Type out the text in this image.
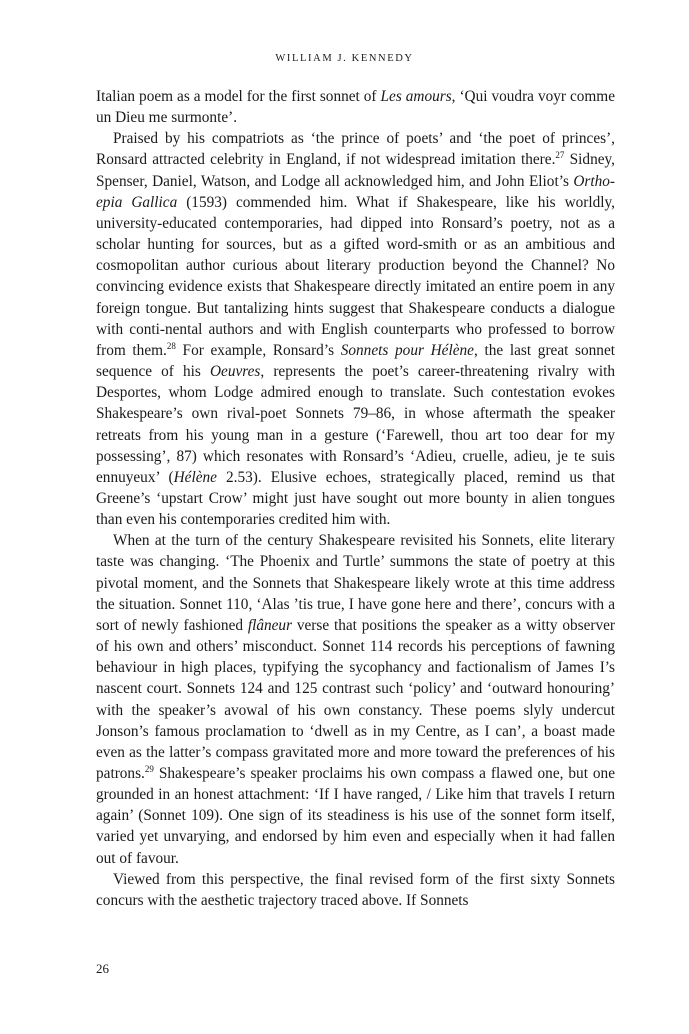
WILLIAM J. KENNEDY

Italian poem as a model for the first sonnet of Les amours, ‘Qui voudra voyr comme un Dieu me surmonte’.

Praised by his compatriots as ‘the prince of poets’ and ‘the poet of princes’, Ronsard attracted celebrity in England, if not widespread imitation there.$^{27}$ Sidney, Spenser, Daniel, Watson, and Lodge all acknowledged him, and John Eliot’s Ortho-epia Gallica (1593) commended him. What if Shakespeare, like his worldly, university-educated contemporaries, had dipped into Ronsard’s poetry, not as a scholar hunting for sources, but as a gifted word-smith or as an ambitious and cosmopolitan author curious about literary production beyond the Channel? No convincing evidence exists that Shakespeare directly imitated an entire poem in any foreign tongue. But tantalizing hints suggest that Shakespeare conducts a dialogue with conti-nental authors and with English counterparts who professed to borrow from them.$^{28}$ For example, Ronsard’s Sonnets pour Hélène, the last great sonnet sequence of his Oeuvres, represents the poet’s career-threatening rivalry with Desportes, whom Lodge admired enough to translate. Such contestation evokes Shakespeare’s own rival-poet Sonnets 79–86, in whose aftermath the speaker retreats from his young man in a gesture (‘Farewell, thou art too dear for my possessing’, 87) which resonates with Ronsard’s ‘Adieu, cruelle, adieu, je te suis ennuyeux’ (Hélène 2.53). Elusive echoes, strategically placed, remind us that Greene’s ‘upstart Crow’ might just have sought out more bounty in alien tongues than even his contemporaries credited him with.

When at the turn of the century Shakespeare revisited his Sonnets, elite literary taste was changing. ‘The Phoenix and Turtle’ summons the state of poetry at this pivotal moment, and the Sonnets that Shakespeare likely wrote at this time address the situation. Sonnet 110, ‘Alas ’tis true, I have gone here and there’, concurs with a sort of newly fashioned flâneur verse that positions the speaker as a witty observer of his own and others’ misconduct. Sonnet 114 records his perceptions of fawning behaviour in high places, typifying the sycophancy and factionalism of James I’s nascent court. Sonnets 124 and 125 contrast such ‘policy’ and ‘outward honouring’ with the speaker’s avowal of his own constancy. These poems slyly undercut Jonson’s famous proclamation to ‘dwell as in my Centre, as I can’, a boast made even as the latter’s compass gravitated more and more toward the preferences of his patrons.$^{29}$ Shakespeare’s speaker proclaims his own compass a flawed one, but one grounded in an honest attachment: ‘If I have ranged, / Like him that travels I return again’ (Sonnet 109). One sign of its steadiness is his use of the sonnet form itself, varied yet unvarying, and endorsed by him even and especially when it had fallen out of favour.

Viewed from this perspective, the final revised form of the first sixty Sonnets concurs with the aesthetic trajectory traced above. If Sonnets

26
